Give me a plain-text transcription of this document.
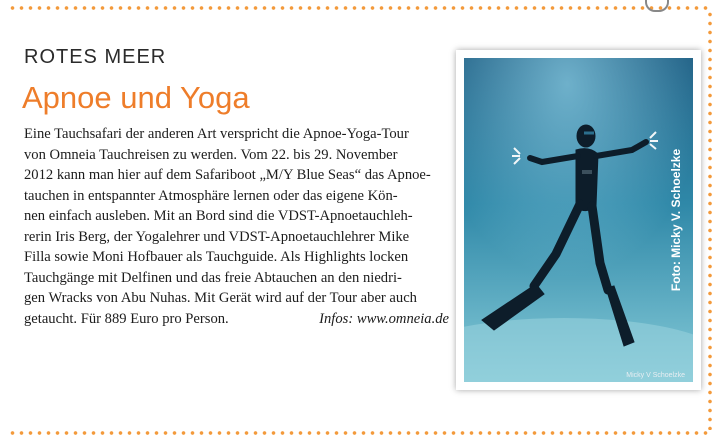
ROTES MEER
Apnoe und Yoga
Eine Tauchsafari der anderen Art verspricht die Apnoe-Yoga-Tour
von Omneia Tauchreisen zu werden. Vom 22. bis 29. November
2012 kann man hier auf dem Safariboot „M/Y Blue Seas“ das Apnoe-
tauchen in entspannter Atmosphäre lernen oder das eigene Kön-
nen einfach ausleben. Mit an Bord sind die VDST-Apnoetauchleh-
rerin Iris Berg, der Yogalehrer und VDST-Apnoetauchlehrer Mike
Filla sowie Moni Hofbauer als Tauchguide. Als Highlights locken
Tauchgänge mit Delfinen und das freie Abtauchen an den niedri-
gen Wracks von Abu Nuhas. Mit Gerät wird auf der Tour aber auch
getaucht. Für 889 Euro pro Person.	Infos: www.omneia.de
Foto: Micky V. Schoelzke
Micky V Schoelzke
